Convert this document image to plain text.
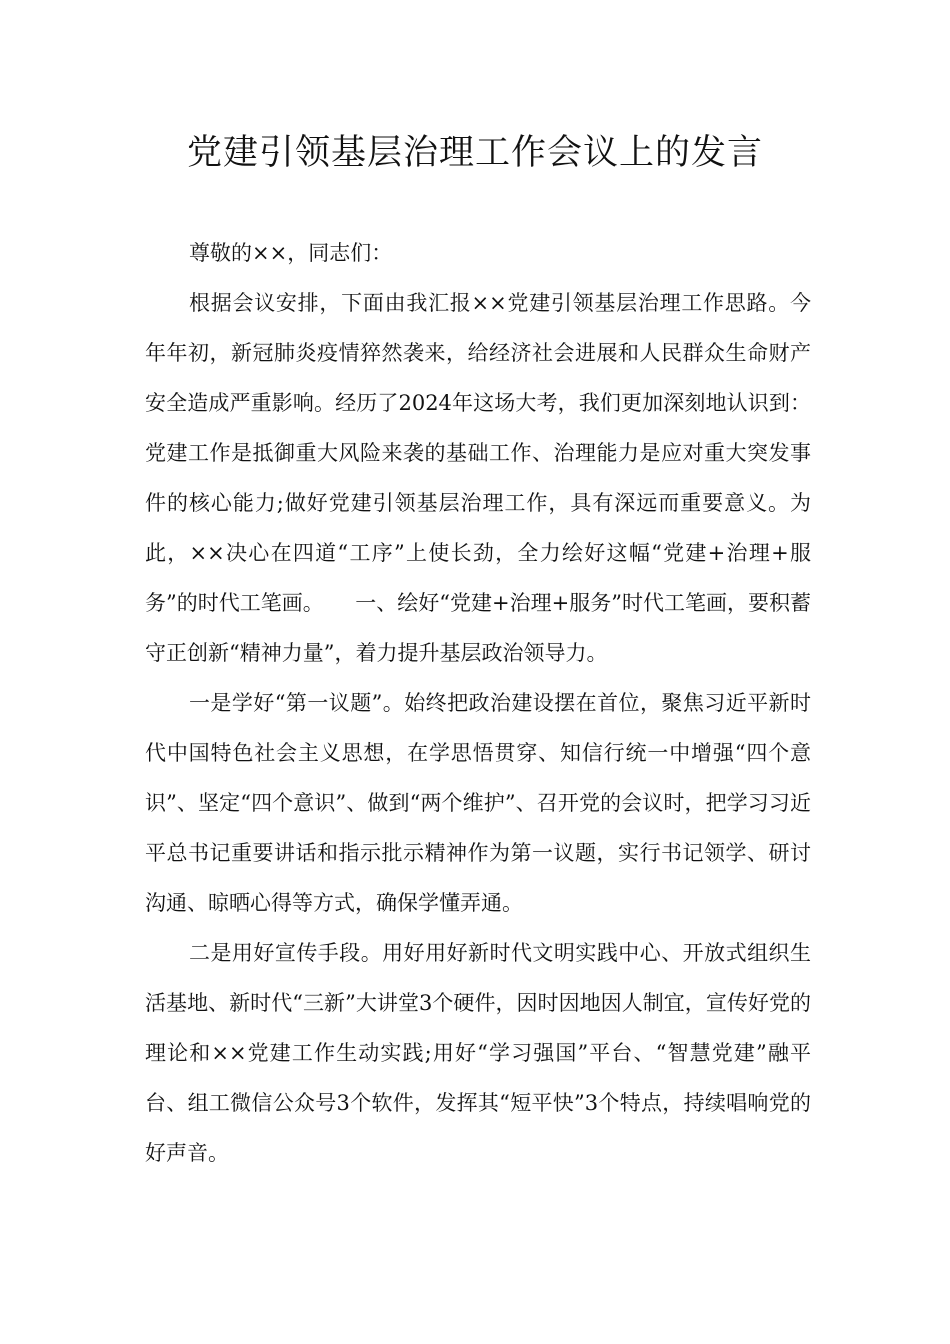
党建引领基层治理工作会议上的发言

尊敬的××，同志们：

根据会议安排，下面由我汇报××党建引领基层治理工作思路。今年年初，新冠肺炎疫情猝然袭来，给经济社会进展和人民群众生命财产安全造成严重影响。经历了2024年这场大考，我们更加深刻地认识到：党建工作是抵御重大风险来袭的基础工作、治理能力是应对重大突发事件的核心能力;做好党建引领基层治理工作，具有深远而重要意义。为此，××决心在四道“工序”上使长劲，全力绘好这幅“党建+治理+服务”的时代工笔画。　　一、绘好“党建+治理+服务”时代工笔画，要积蓄守正创新“精神力量”，着力提升基层政治领导力。

一是学好“第一议题”。始终把政治建设摆在首位，聚焦习近平新时代中国特色社会主义思想，在学思悟贯穿、知信行统一中增强“四个意识”、坚定“四个意识”、做到“两个维护”、召开党的会议时，把学习习近平总书记重要讲话和指示批示精神作为第一议题，实行书记领学、研讨沟通、晾晒心得等方式，确保学懂弄通。

二是用好宣传手段。用好用好新时代文明实践中心、开放式组织生活基地、新时代“三新”大讲堂3个硬件，因时因地因人制宜，宣传好党的理论和××党建工作生动实践;用好“学习强国”平台、“智慧党建”融平台、组工微信公众号3个软件，发挥其“短平快”3个特点，持续唱响党的好声音。
